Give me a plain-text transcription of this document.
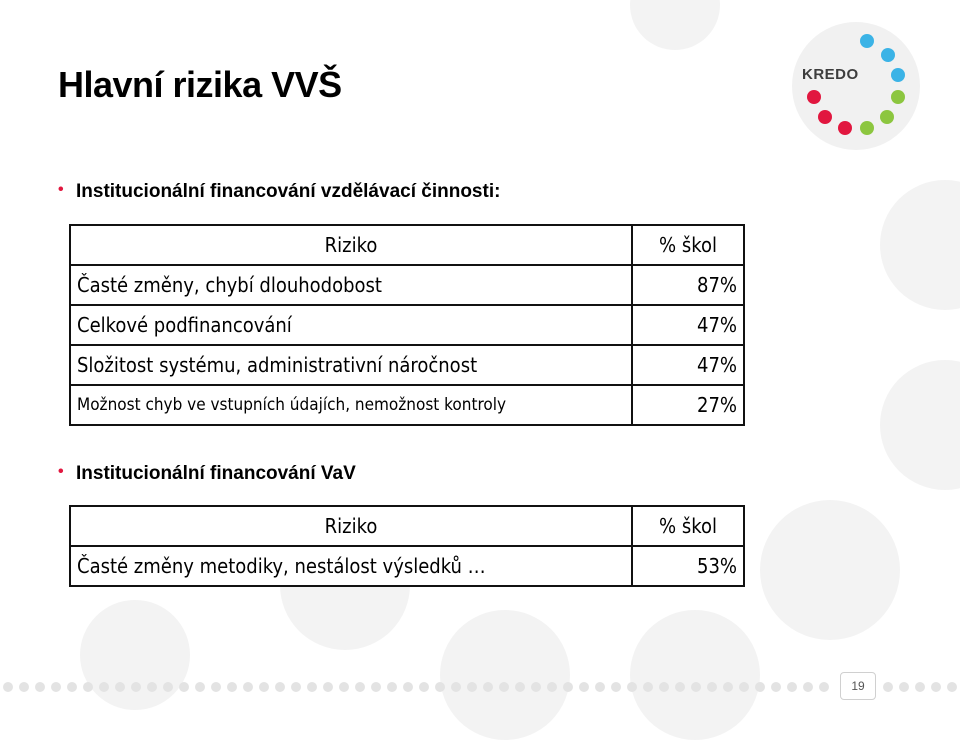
Hlavní rizika VVŠ	KREDO
• Institucionální financování vzdělávací činnosti:
Riziko	% škol
Časté změny, chybí dlouhodobost	87%
Celkové podfinancování	47%
Složitost systému, administrativní náročnost	47%
Možnost chyb ve vstupních údajích, nemožnost kontroly	27%
• Institucionální financování VaV
Riziko	% škol
Časté změny metodiky, nestálost výsledků …	53%
19
